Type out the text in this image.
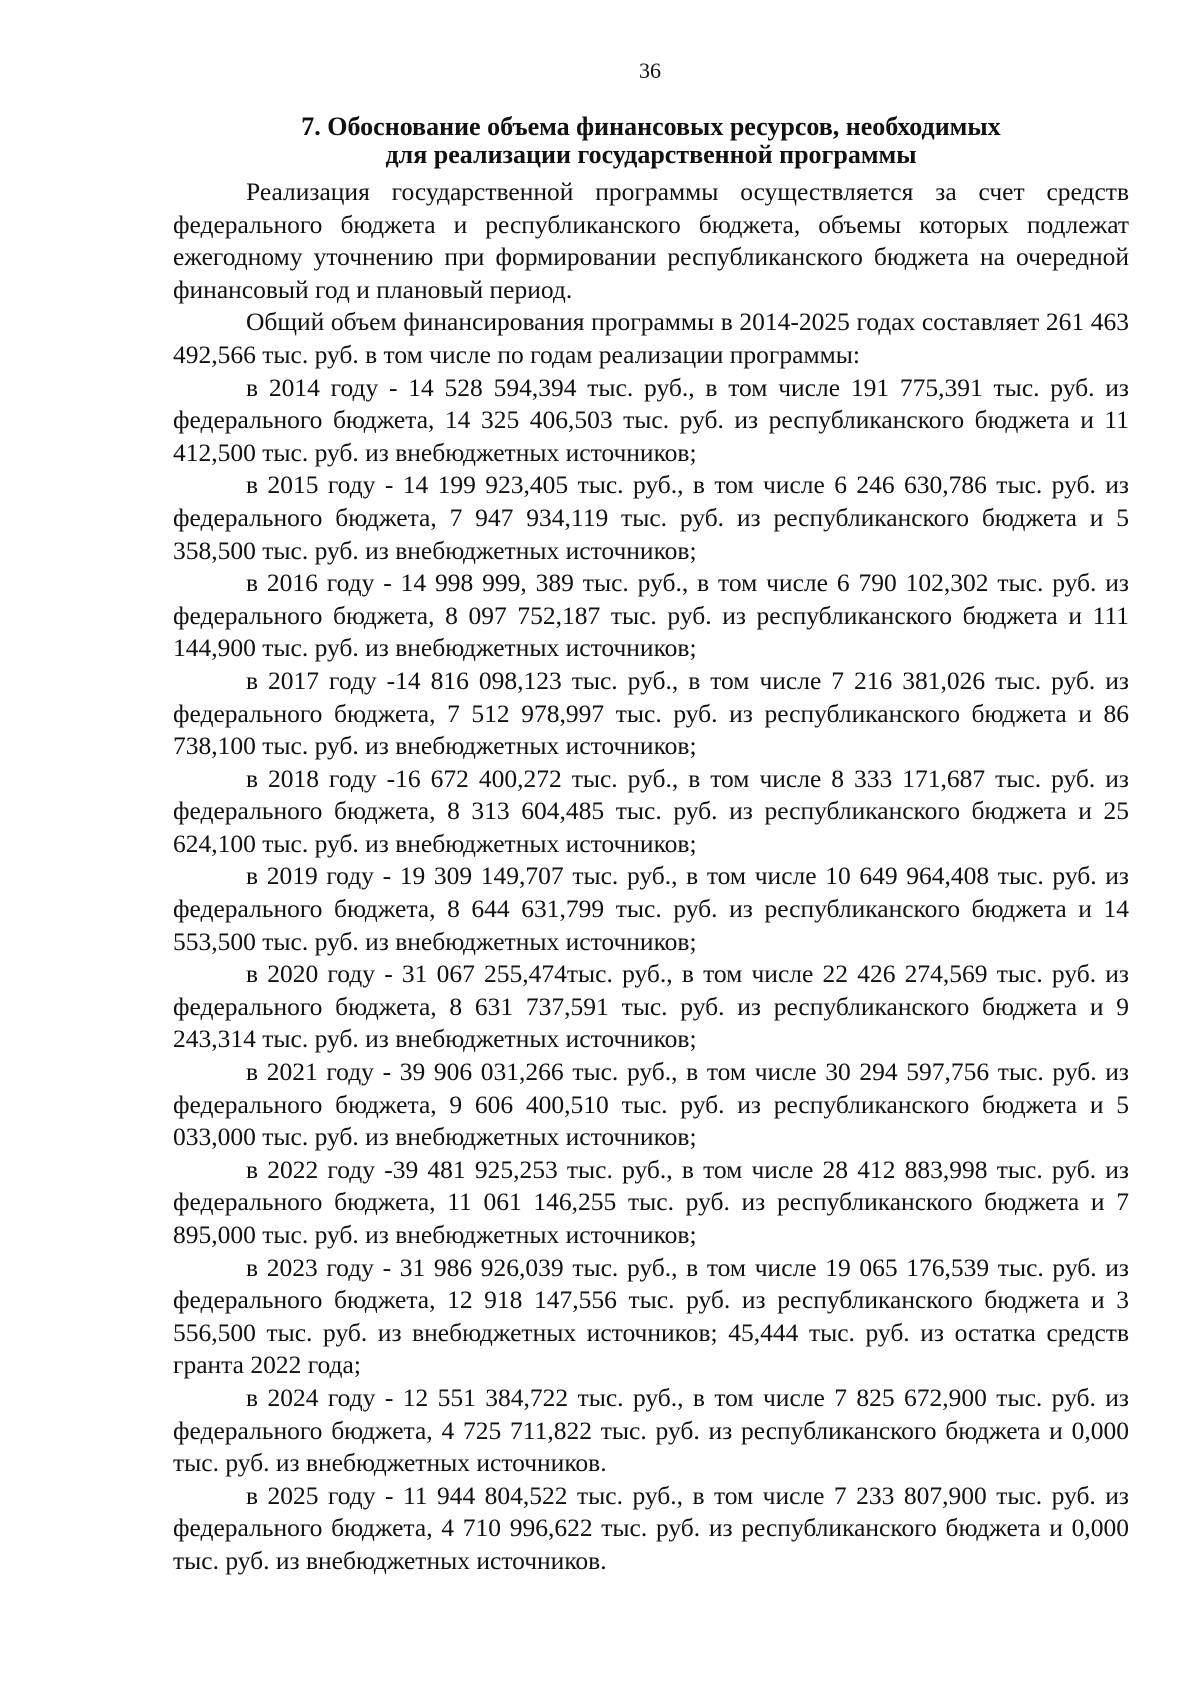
36
7. Обоснование объема финансовых ресурсов, необходимых
для реализации государственной программы

Реализация государственной программы осуществляется за счет средств федерального бюджета и республиканского бюджета, объемы которых подлежат ежегодному уточнению при формировании республиканского бюджета на очередной финансовый год и плановый период.

Общий объем финансирования программы в 2014-2025 годах составляет 261 463 492,566 тыс. руб. в том числе по годам реализации программы:

в 2014 году - 14 528 594,394 тыс. руб., в том числе 191 775,391 тыс. руб. из федерального бюджета, 14 325 406,503 тыс. руб. из республиканского бюджета и 11 412,500 тыс. руб. из внебюджетных источников;

в 2015 году - 14 199 923,405 тыс. руб., в том числе 6 246 630,786 тыс. руб. из федерального бюджета, 7 947 934,119 тыс. руб. из республиканского бюджета и 5 358,500 тыс. руб. из внебюджетных источников;

в 2016 году - 14 998 999, 389 тыс. руб., в том числе 6 790 102,302 тыс. руб. из федерального бюджета, 8 097 752,187 тыс. руб. из республиканского бюджета и 111 144,900 тыс. руб. из внебюджетных источников;

в 2017 году -14 816 098,123 тыс. руб., в том числе 7 216 381,026 тыс. руб. из федерального бюджета, 7 512 978,997 тыс. руб. из республиканского бюджета и 86 738,100 тыс. руб. из внебюджетных источников;

в 2018 году -16 672 400,272 тыс. руб., в том числе 8 333 171,687 тыс. руб. из федерального бюджета, 8 313 604,485 тыс. руб. из республиканского бюджета и 25 624,100 тыс. руб. из внебюджетных источников;

в 2019 году - 19 309 149,707 тыс. руб., в том числе 10 649 964,408 тыс. руб. из федерального бюджета, 8 644 631,799 тыс. руб. из республиканского бюджета и 14 553,500 тыс. руб. из внебюджетных источников;

в 2020 году - 31 067 255,474тыс. руб., в том числе 22 426 274,569 тыс. руб. из федерального бюджета, 8 631 737,591 тыс. руб. из республиканского бюджета и 9 243,314 тыс. руб. из внебюджетных источников;

в 2021 году - 39 906 031,266 тыс. руб., в том числе 30 294 597,756 тыс. руб. из федерального бюджета, 9 606 400,510 тыс. руб. из республиканского бюджета и 5 033,000 тыс. руб. из внебюджетных источников;

в 2022 году -39 481 925,253 тыс. руб., в том числе 28 412 883,998 тыс. руб. из федерального бюджета, 11 061 146,255 тыс. руб. из республиканского бюджета и 7 895,000 тыс. руб. из внебюджетных источников;

в 2023 году - 31 986 926,039 тыс. руб., в том числе 19 065 176,539 тыс. руб. из федерального бюджета, 12 918 147,556 тыс. руб. из республиканского бюджета и 3 556,500 тыс. руб. из внебюджетных источников; 45,444 тыс. руб. из остатка средств гранта 2022 года;

в 2024 году - 12 551 384,722 тыс. руб., в том числе 7 825 672,900 тыс. руб. из федерального бюджета, 4 725 711,822 тыс. руб. из республиканского бюджета и 0,000 тыс. руб. из внебюджетных источников.

в 2025 году - 11 944 804,522 тыс. руб., в том числе 7 233 807,900 тыс. руб. из федерального бюджета, 4 710 996,622 тыс. руб. из республиканского бюджета и 0,000 тыс. руб. из внебюджетных источников.
